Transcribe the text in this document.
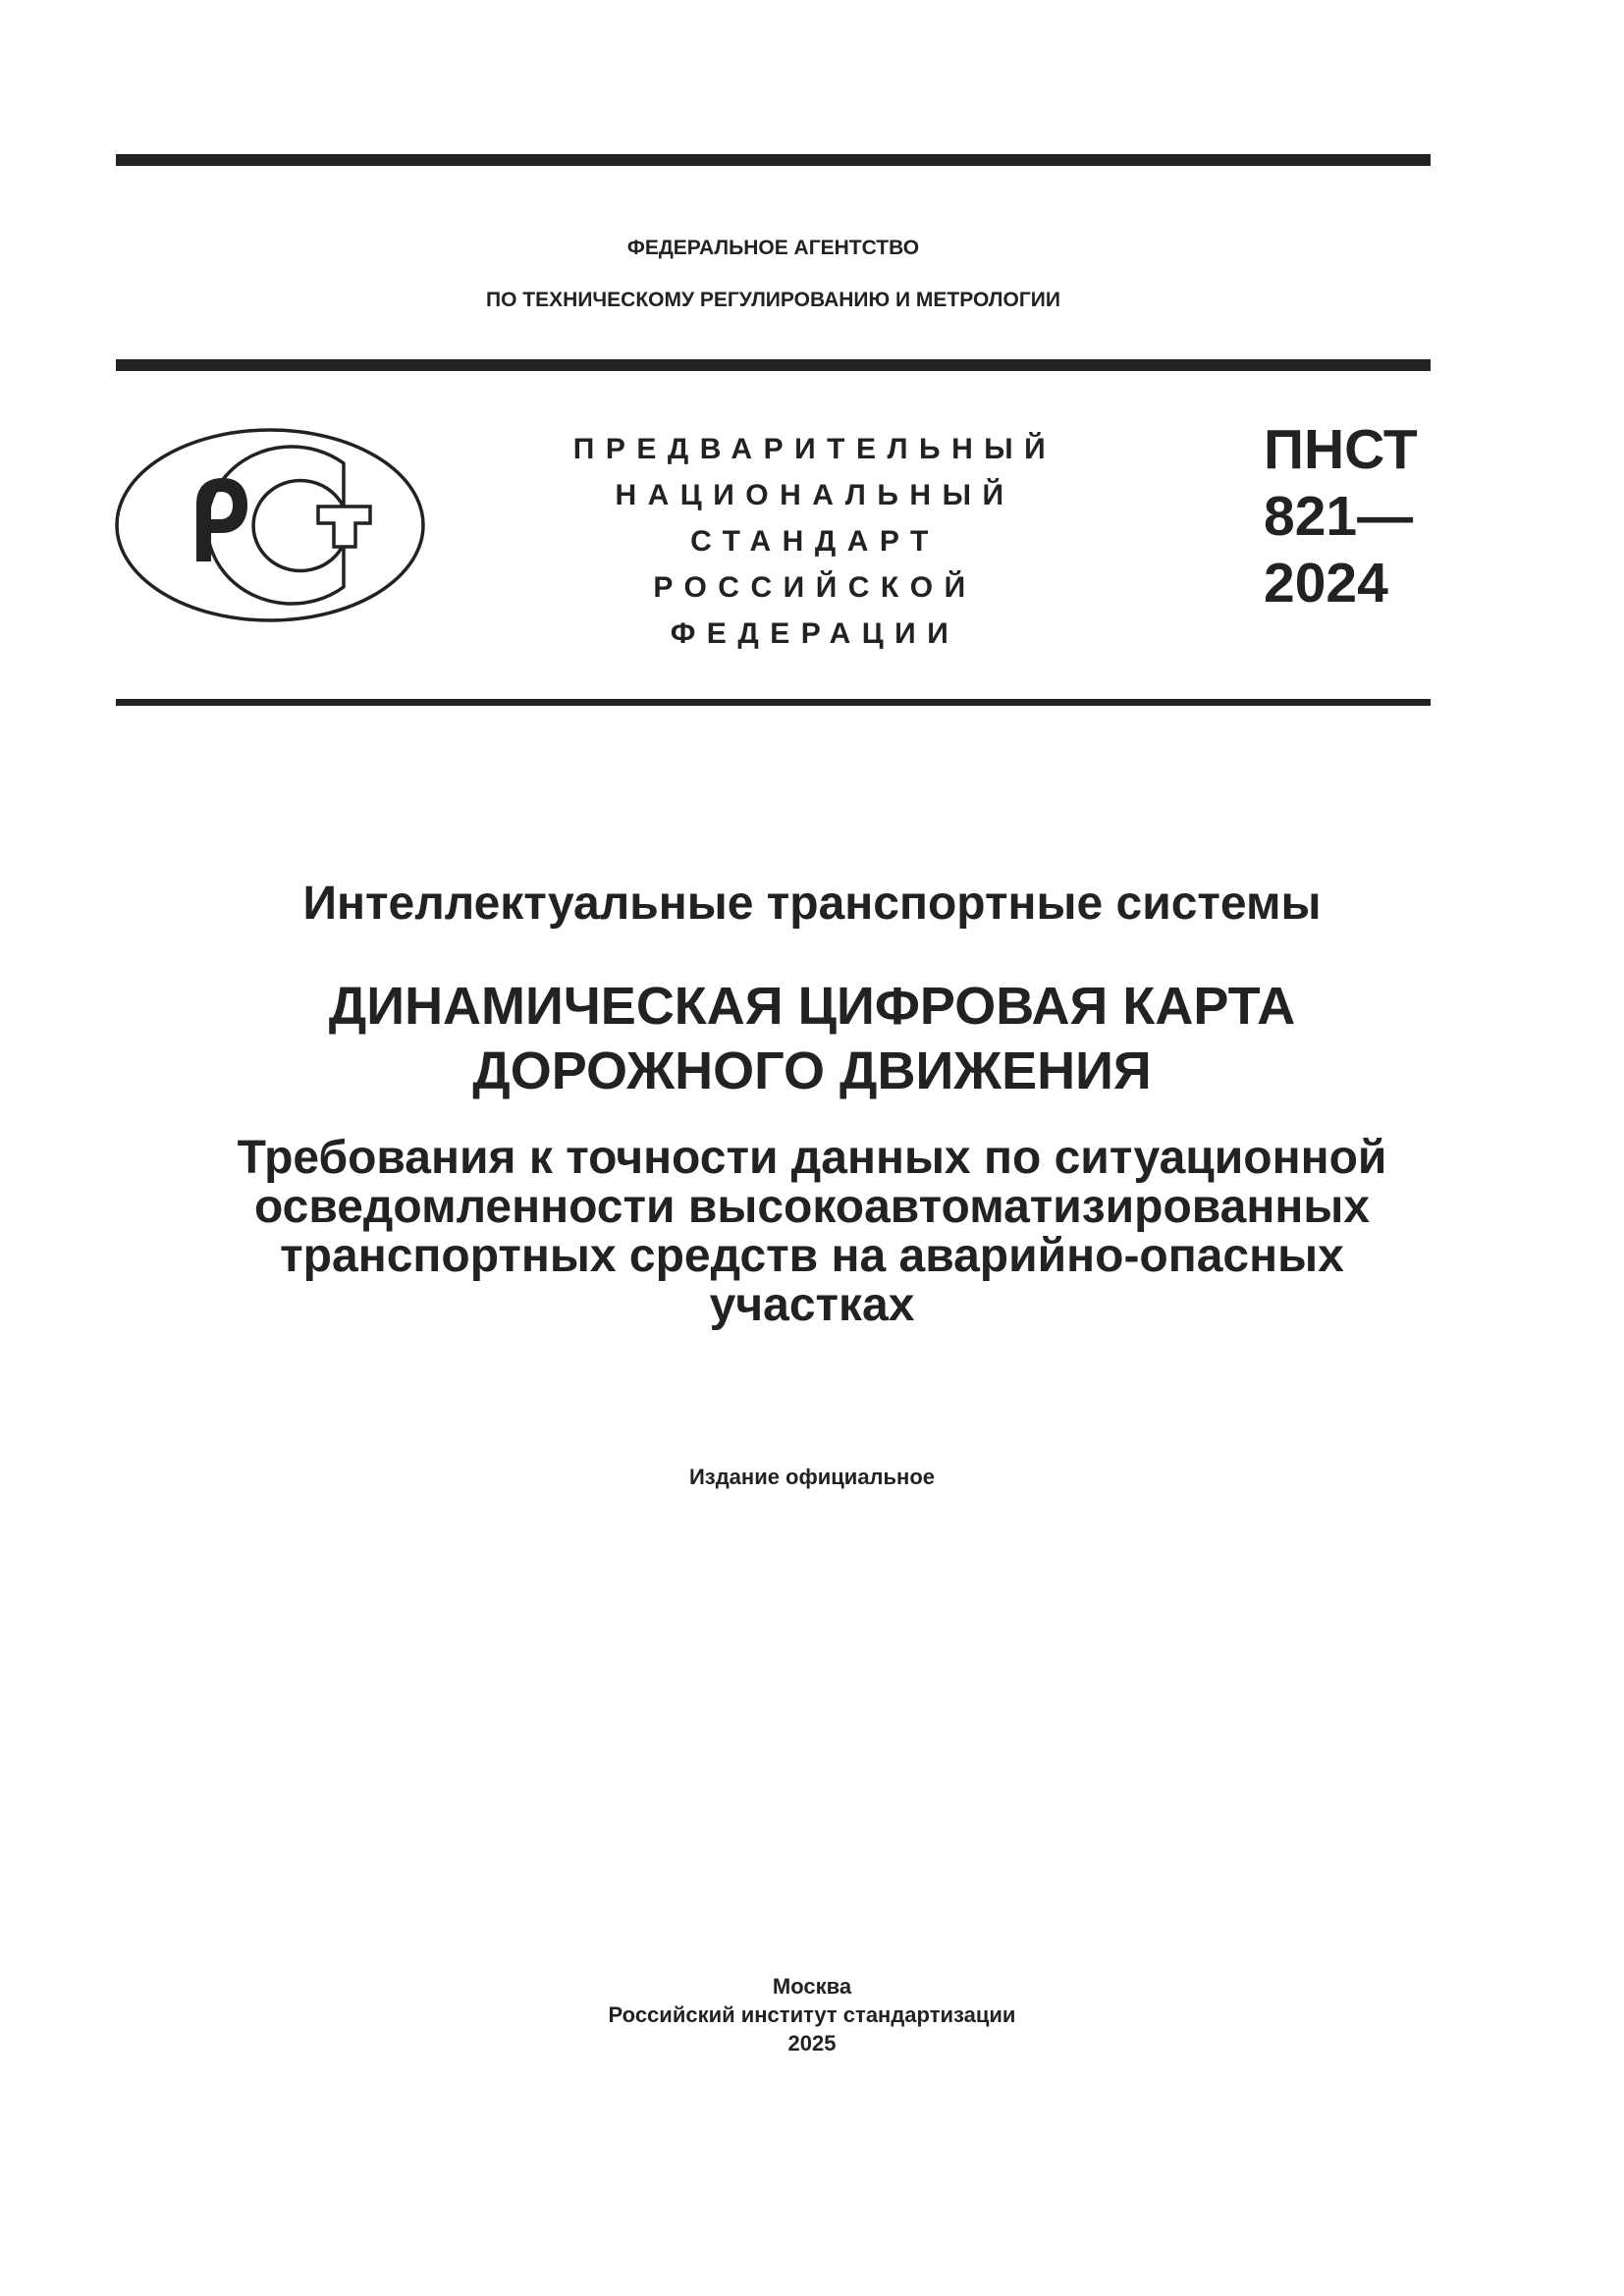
ФЕДЕРАЛЬНОЕ АГЕНТСТВО
ПО ТЕХНИЧЕСКОМУ РЕГУЛИРОВАНИЮ И МЕТРОЛОГИИ
ПРЕДВАРИТЕЛЬНЫЙ
НАЦИОНАЛЬНЫЙ
СТАНДАРТ
РОССИЙСКОЙ
ФЕДЕРАЦИИ
ПНСТ
821—
2024
Интеллектуальные транспортные системы
ДИНАМИЧЕСКАЯ ЦИФРОВАЯ КАРТА
ДОРОЖНОГО ДВИЖЕНИЯ
Требования к точности данных по ситуационной
осведомленности высокоавтоматизированных
транспортных средств на аварийно-опасных
участках
Издание официальное
Москва
Российский институт стандартизации
2025
